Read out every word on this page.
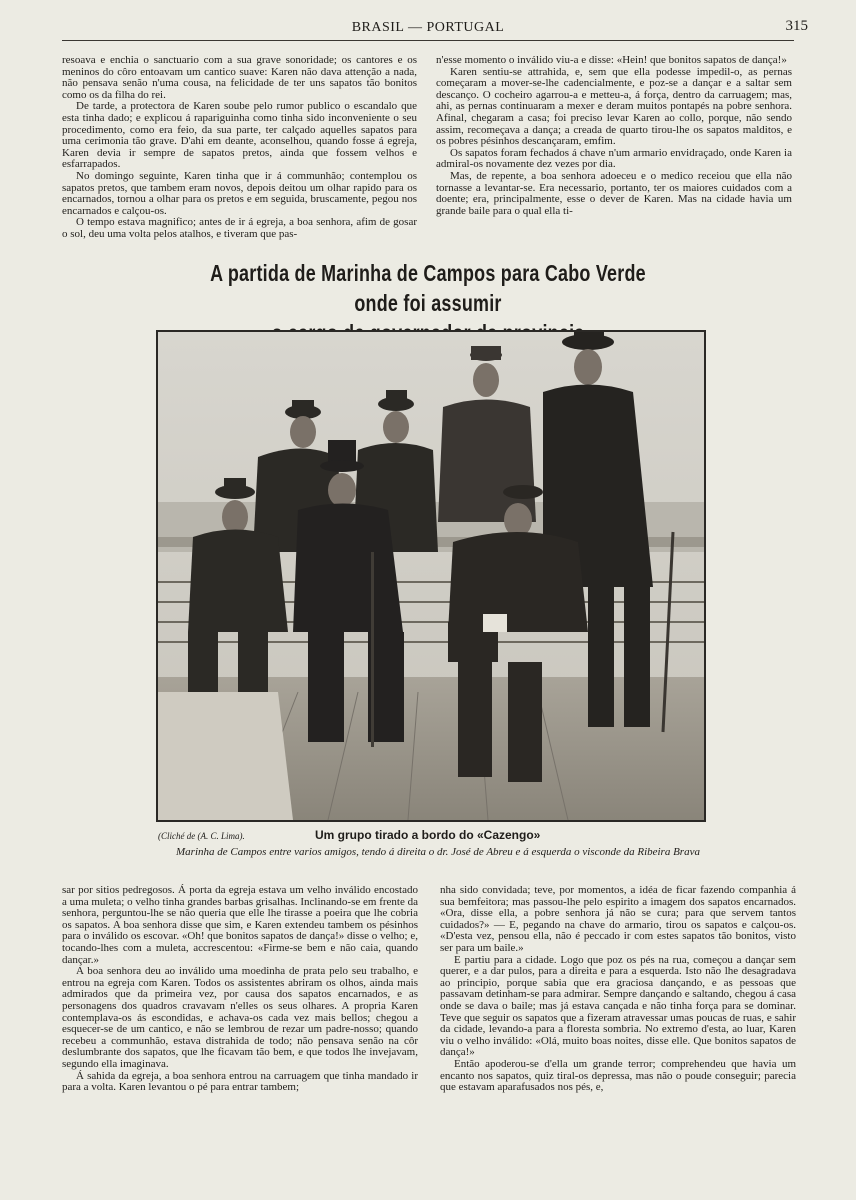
BRASIL — PORTUGAL	315

resoava e enchia o sanctuario com a sua grave sonoridade; os cantores e os meninos do côro entoavam um cantico suave: Karen não dava attenção a nada, não pensava senão n'uma cousa, na felicidade de ter uns sapatos tão bonitos como os da filha do rei.

De tarde, a protectora de Karen soube pelo rumor publico o escandalo que esta tinha dado; e explicou á rapariguinha como tinha sido inconveniente o seu procedimento, como era feio, da sua parte, ter calçado aquelles sapatos para uma cerimonia tão grave. D'ahi em deante, aconselhou, quando fosse á egreja, Karen devia ir sempre de sapatos pretos, ainda que fossem velhos e esfarrapados.

No domingo seguinte, Karen tinha que ir á communhão; contemplou os sapatos pretos, que tambem eram novos, depois deitou um olhar rapido para os encarnados, tornou a olhar para os pretos e em seguida, bruscamente, pegou nos encarnados e calçou-os.

O tempo estava magnifico; antes de ir á egreja, a boa senhora, afim de gosar o sol, deu uma volta pelos atalhos, e tiveram que pas-

n'esse momento o inválido viu-a e disse: «Hein! que bonitos sapatos de dança!»

Karen sentiu-se attrahida, e, sem que ella podesse impedil-o, as pernas começaram a mover-se-lhe cadencialmente, e poz-se a dançar e a saltar sem descanço. O cocheiro agarrou-a e metteu-a, á força, dentro da carruagem; mas, ahi, as pernas continuaram a mexer e deram muitos pontapés na pobre senhora. Afinal, chegaram a casa; foi preciso levar Karen ao collo, porque, não sendo assim, recomeçava a dança; a creada de quarto tirou-lhe os sapatos malditos, e os pobres pésinhos descançaram, emfim.

Os sapatos foram fechados á chave n'um armario envidraçado, onde Karen ia admiral-os novamente dez vezes por dia.

Mas, de repente, a boa senhora adoeceu e o medico receiou que ella não tornasse a levantar-se. Era necessario, portanto, ter os maiores cuidados com a doente; era, principalmente, esse o dever de Karen. Mas na cidade havia um grande baile para o qual ella ti-

A partida de Marinha de Campos para Cabo Verde onde foi assumir
(Cliché de (A. C. Lima).	Um grupo tirado a bordo do «Cazengo»
Marinha de Campos entre varios amigos, tendo á direita o dr. José de Abreu e á esquerda o visconde da Ribeira Brava

sar por sitios pedregosos. Á porta da egreja estava um velho inválido encostado a uma muleta; o velho tinha grandes barbas grisalhas. Inclinando-se em frente da senhora, perguntou-lhe se não queria que elle lhe tirasse a poeira que lhe cobria os sapatos. A boa senhora disse que sim, e Karen extendeu tambem os pésinhos para o inválido os escovar. «Oh! que bonitos sapatos de dança!» disse o velho; e, tocando-lhes com a muleta, accrescentou: «Firme-se bem e não caia, quando dançar.»

A boa senhora deu ao inválido uma moedinha de prata pelo seu trabalho, e entrou na egreja com Karen. Todos os assistentes abriram os olhos, ainda mais admirados que da primeira vez, por causa dos sapatos encarnados, e as personagens dos quadros cravavam n'elles os seus olhares. A propria Karen contemplava-os ás escondidas, e achava-os cada vez mais bellos; chegou a esquecer-se de um cantico, e não se lembrou de rezar um padre-nosso; quando recebeu a communhão, estava distrahida de todo; não pensava senão na côr deslumbrante dos sapatos, que lhe ficavam tão bem, e que todos lhe invejavam, segundo ella imaginava.

Á sahida da egreja, a boa senhora entrou na carruagem que tinha mandado ir para a volta. Karen levantou o pé para entrar tambem;

nha sido convidada; teve, por momentos, a idéa de ficar fazendo companhia á sua bemfeitora; mas passou-lhe pelo espirito a imagem dos sapatos encarnados. «Ora, disse ella, a pobre senhora já não se cura; para que servem tantos cuidados?» — E, pegando na chave do armario, tirou os sapatos e calçou-os. «D'esta vez, pensou ella, não é peccado ir com estes sapatos tão bonitos, visto ser para um baile.»

E partiu para a cidade. Logo que poz os pés na rua, começou a dançar sem querer, e a dar pulos, para a direita e para a esquerda. Isto não lhe desagradava ao principio, porque sabia que era graciosa dançando, e as pessoas que passavam detinham-se para admirar. Sempre dançando e saltando, chegou á casa onde se dava o baile; mas já estava cançada e não tinha força para se dominar. Teve que seguir os sapatos que a fizeram atravessar umas poucas de ruas, e sahir da cidade, levando-a para a floresta sombria. No extremo d'esta, ao luar, Karen viu o velho inválido: «Olá, muito boas noites, disse elle. Que bonitos sapatos de dança!»

Então apoderou-se d'ella um grande terror; comprehendeu que havia um encanto nos sapatos, quiz tiral-os depressa, mas não o poude conseguir; parecia que estavam aparafusados nos pés, e,
